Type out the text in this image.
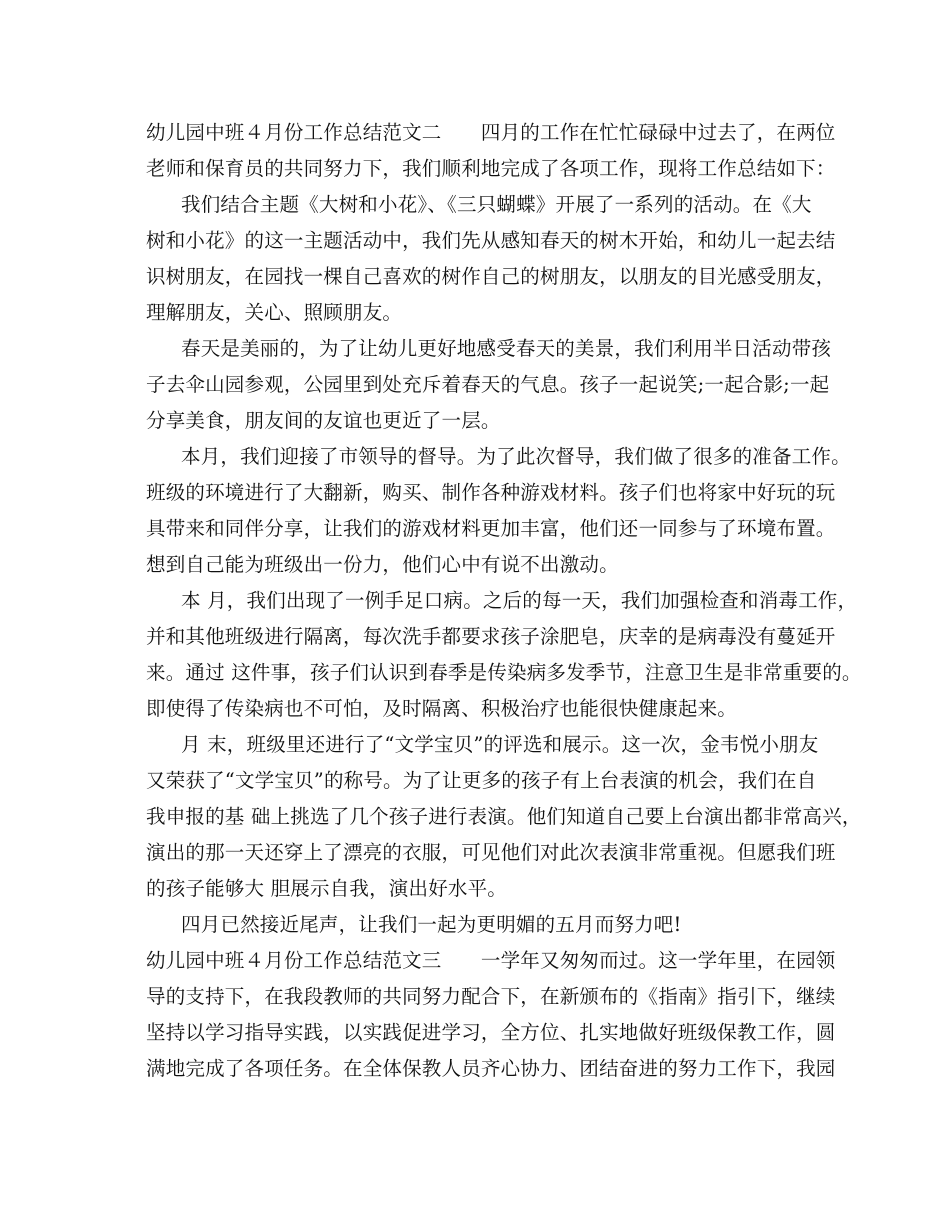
幼儿园中班４月份工作总结范文二　　四月的工作在忙忙碌碌中过去了，在两位
老师和保育员的共同努力下，我们顺利地完成了各项工作，现将工作总结如下：
我们结合主题《大树和小花》、《三只蝴蝶》开展了一系列的活动。在《大
树和小花》的这一主题活动中，我们先从感知春天的树木开始，和幼儿一起去结
识树朋友，在园找一棵自己喜欢的树作自己的树朋友，以朋友的目光感受朋友，
理解朋友，关心、照顾朋友。
春天是美丽的，为了让幼儿更好地感受春天的美景，我们利用半日活动带孩
子去伞山园参观，公园里到处充斥着春天的气息。孩子一起说笑;一起合影;一起
分享美食，朋友间的友谊也更近了一层。
本月，我们迎接了市领导的督导。为了此次督导，我们做了很多的准备工作。
班级的环境进行了大翻新，购买、制作各种游戏材料。孩子们也将家中好玩的玩
具带来和同伴分享，让我们的游戏材料更加丰富，他们还一同参与了环境布置。
想到自己能为班级出一份力，他们心中有说不出激动。
本 月，我们出现了一例手足口病。之后的每一天，我们加强检查和消毒工作，
并和其他班级进行隔离，每次洗手都要求孩子涂肥皂，庆幸的是病毒没有蔓延开
来。通过 这件事，孩子们认识到春季是传染病多发季节，注意卫生是非常重要的。
即使得了传染病也不可怕，及时隔离、积极治疗也能很快健康起来。
月 末，班级里还进行了“文学宝贝”的评选和展示。这一次，金韦悦小朋友
又荣获了“文学宝贝”的称号。为了让更多的孩子有上台表演的机会，我们在自
我申报的基 础上挑选了几个孩子进行表演。他们知道自己要上台演出都非常高兴，
演出的那一天还穿上了漂亮的衣服，可见他们对此次表演非常重视。但愿我们班
的孩子能够大 胆展示自我，演出好水平。
四月已然接近尾声，让我们一起为更明媚的五月而努力吧!
幼儿园中班４月份工作总结范文三　　一学年又匆匆而过。这一学年里，在园领
导的支持下，在我段教师的共同努力配合下，在新颁布的《指南》指引下，继续
坚持以学习指导实践，以实践促进学习，全方位、扎实地做好班级保教工作，圆
满地完成了各项任务。在全体保教人员齐心协力、团结奋进的努力工作下，我园
